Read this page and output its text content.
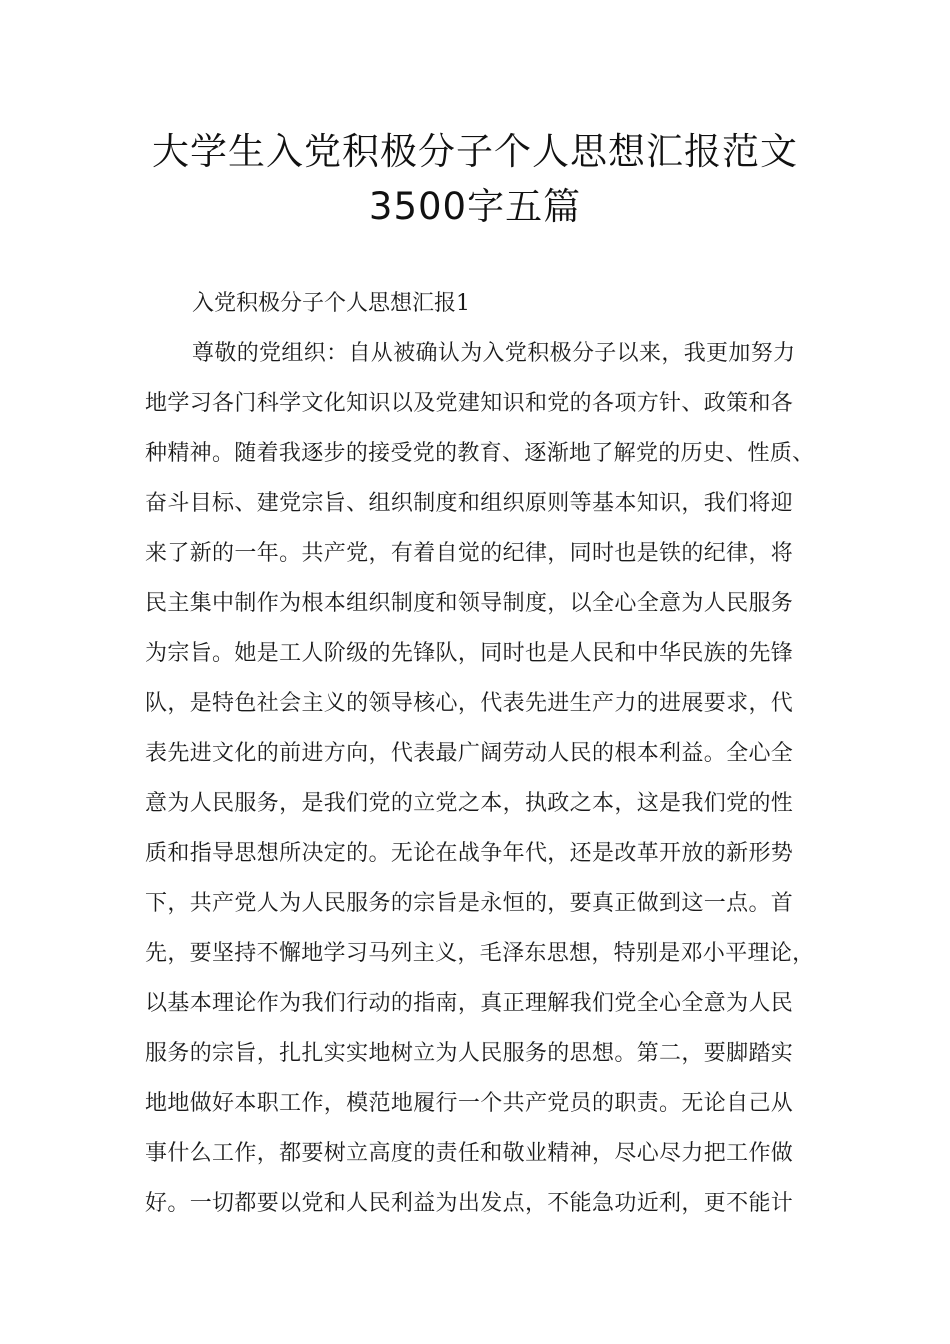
大学生入党积极分子个人思想汇报范文
3500字五篇
入党积极分子个人思想汇报1
尊敬的党组织：自从被确认为入党积极分子以来，我更加努力
地学习各门科学文化知识以及党建知识和党的各项方针、政策和各
种精神。随着我逐步的接受党的教育、逐渐地了解党的历史、性质、
奋斗目标、建党宗旨、组织制度和组织原则等基本知识，我们将迎
来了新的一年。共产党，有着自觉的纪律，同时也是铁的纪律，将
民主集中制作为根本组织制度和领导制度，以全心全意为人民服务
为宗旨。她是工人阶级的先锋队，同时也是人民和中华民族的先锋
队，是特色社会主义的领导核心，代表先进生产力的进展要求，代
表先进文化的前进方向，代表最广阔劳动人民的根本利益。全心全
意为人民服务，是我们党的立党之本，执政之本，这是我们党的性
质和指导思想所决定的。无论在战争年代，还是改革开放的新形势
下，共产党人为人民服务的宗旨是永恒的，要真正做到这一点。首
先，要坚持不懈地学习马列主义，毛泽东思想，特别是邓小平理论，
以基本理论作为我们行动的指南，真正理解我们党全心全意为人民
服务的宗旨，扎扎实实地树立为人民服务的思想。第二，要脚踏实
地地做好本职工作，模范地履行一个共产党员的职责。无论自己从
事什么工作，都要树立高度的责任和敬业精神，尽心尽力把工作做
好。一切都要以党和人民利益为出发点，不能急功近利，更不能计
